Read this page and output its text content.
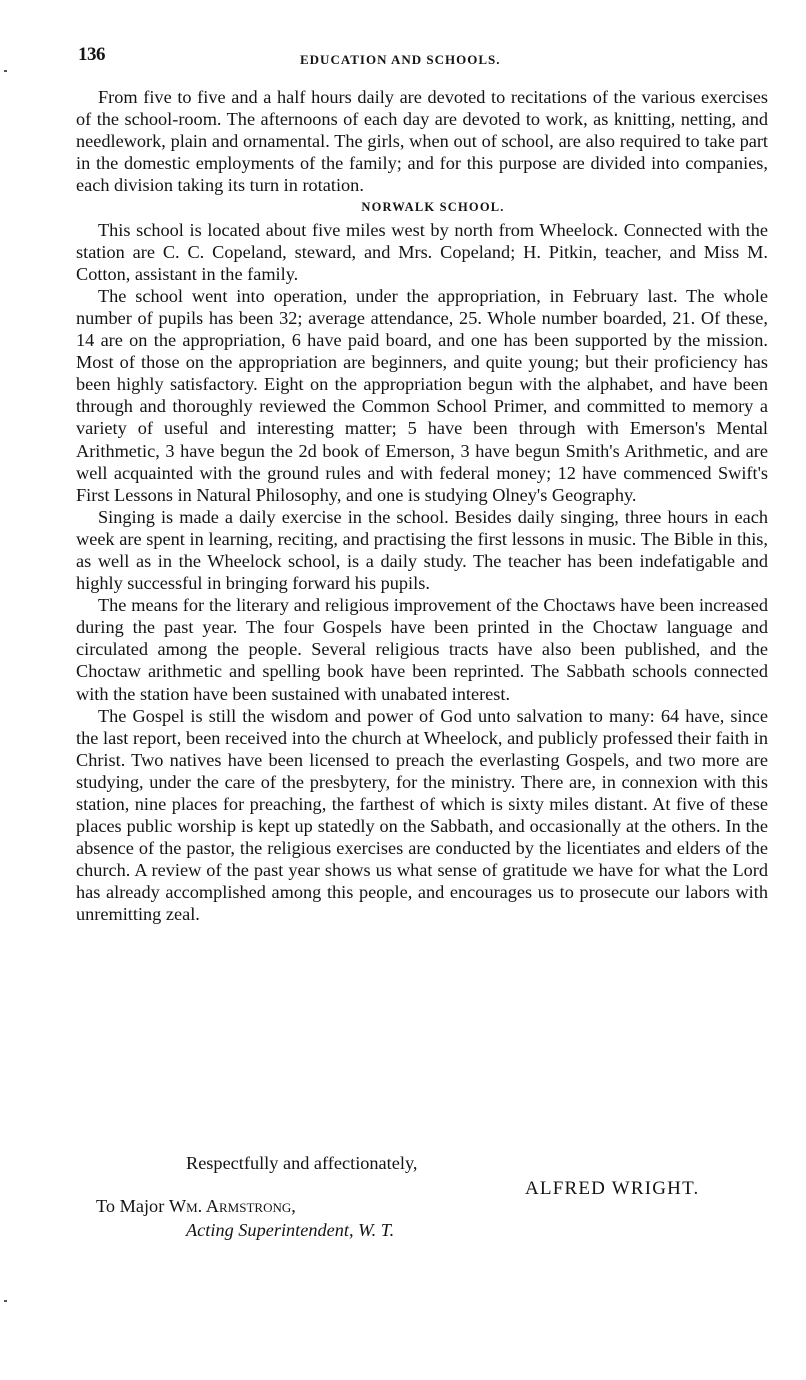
136	EDUCATION AND SCHOOLS.

From five to five and a half hours daily are devoted to recitations of the various exercises of the school-room. The afternoons of each day are devoted to work, as knitting, netting, and needlework, plain and ornamental. The girls, when out of school, are also required to take part in the domestic employments of the family; and for this purpose are divided into companies, each division taking its turn in rotation.

NORWALK SCHOOL.

This school is located about five miles west by north from Wheelock. Connected with the station are C. C. Copeland, steward, and Mrs. Copeland; H. Pitkin, teacher, and Miss M. Cotton, assistant in the family.

The school went into operation, under the appropriation, in February last. The whole number of pupils has been 32; average attendance, 25. Whole number boarded, 21. Of these, 14 are on the appropriation, 6 have paid board, and one has been supported by the mission. Most of those on the appropriation are beginners, and quite young; but their proficiency has been highly satisfactory. Eight on the appropriation begun with the alphabet, and have been through and thoroughly reviewed the Common School Primer, and committed to memory a variety of useful and interesting matter; 5 have been through with Emerson's Mental Arithmetic, 3 have begun the 2d book of Emerson, 3 have begun Smith's Arithmetic, and are well acquainted with the ground rules and with federal money; 12 have commenced Swift's First Lessons in Natural Philosophy, and one is studying Olney's Geography.

Singing is made a daily exercise in the school. Besides daily singing, three hours in each week are spent in learning, reciting, and practising the first lessons in music. The Bible in this, as well as in the Wheelock school, is a daily study. The teacher has been indefatigable and highly successful in bringing forward his pupils.

The means for the literary and religious improvement of the Choctaws have been increased during the past year. The four Gospels have been printed in the Choctaw language and circulated among the people. Several religious tracts have also been published, and the Choctaw arithmetic and spelling book have been reprinted. The Sabbath schools connected with the station have been sustained with unabated interest.

The Gospel is still the wisdom and power of God unto salvation to many: 64 have, since the last report, been received into the church at Wheelock, and publicly professed their faith in Christ. Two natives have been licensed to preach the everlasting Gospels, and two more are studying, under the care of the presbytery, for the ministry. There are, in connexion with this station, nine places for preaching, the farthest of which is sixty miles distant. At five of these places public worship is kept up statedly on the Sabbath, and occasionally at the others. In the absence of the pastor, the religious exercises are conducted by the licentiates and elders of the church. A review of the past year shows us what sense of gratitude we have for what the Lord has already accomplished among this people, and encourages us to prosecute our labors with unremitting zeal.

Respectfully and affectionately,
ALFRED WRIGHT.
To Major Wm. Armstrong,
Acting Superintendent, W. T.
